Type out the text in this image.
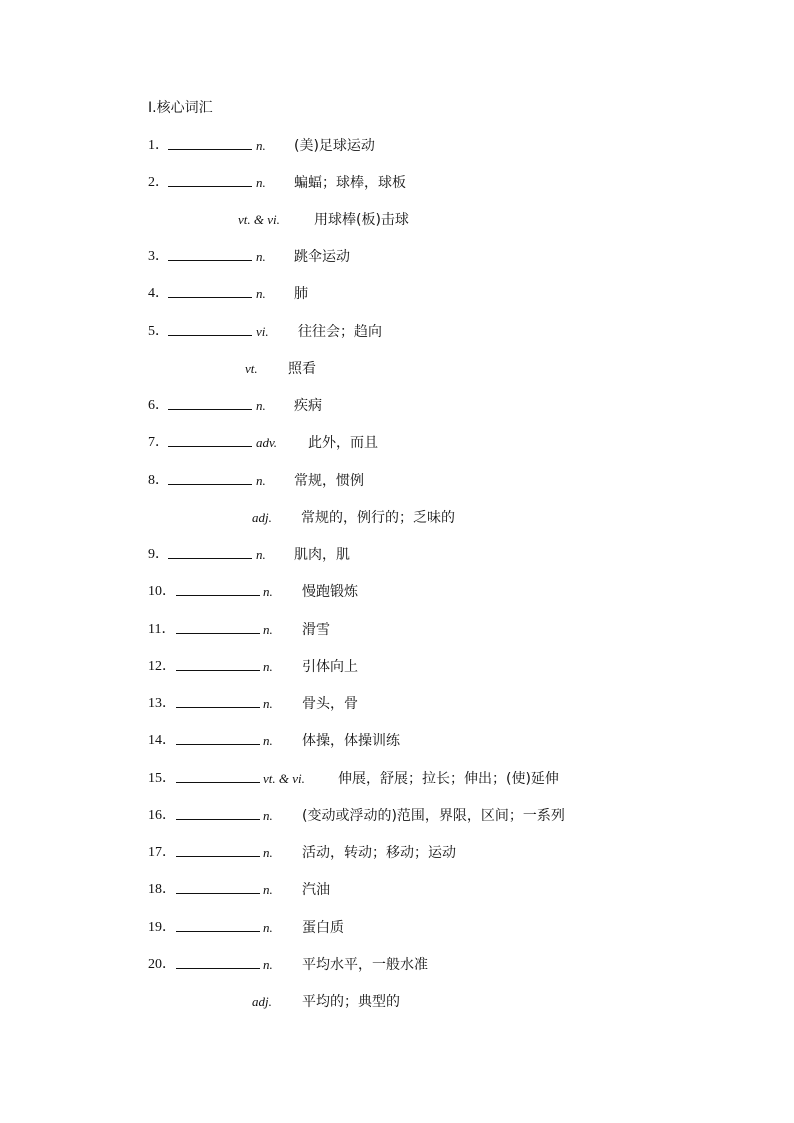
Ⅰ.核心词汇
1．	n. (美)足球运动
2．	n. 蝙蝠；球棒，球板
vt. & vi. 用球棒(板)击球
3．	n. 跳伞运动
4．	n. 肺
5．	vi. 往往会；趋向
vt. 照看
6．	n. 疾病
7．	adv. 此外，而且
8．	n. 常规，惯例
adj. 常规的，例行的；乏味的
9．	n. 肌肉，肌
10．	n. 慢跑锻炼
11．	n. 滑雪
12．	n. 引体向上
13．	n. 骨头，骨
14．	n. 体操，体操训练
15．	vt. & vi. 伸展，舒展；拉长；伸出；(使)延伸
16．	n. (变动或浮动的)范围，界限，区间；一系列
17．	n. 活动，转动；移动；运动
18．	n. 汽油
19．	n. 蛋白质
20．	n. 平均水平，一般水准
adj. 平均的；典型的
